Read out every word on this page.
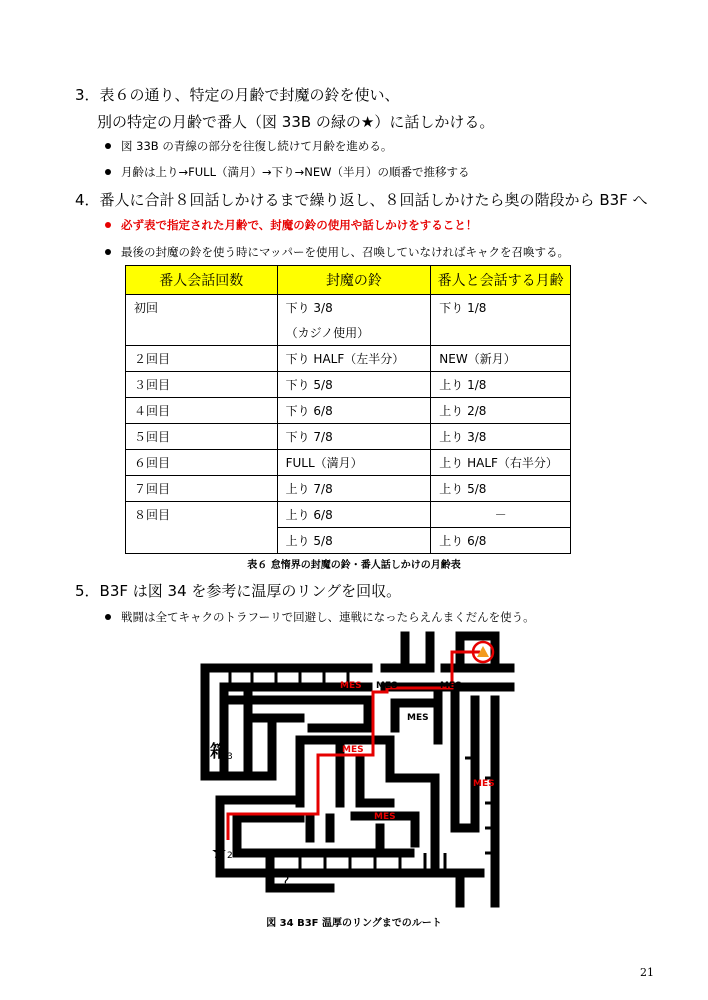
3．表６の通り、特定の月齢で封魔の鈴を使い、
別の特定の月齢で番人（図 33B の緑の★）に話しかける。
図 33B の青線の部分を往復し続けて月齢を進める。
月齢は上り→FULL（満月）→下り→NEW（半月）の順番で推移する
4．番人に合計８回話しかけるまで繰り返し、８回話しかけたら奥の階段から B3F へ
必ず表で指定された月齢で、封魔の鈴の使用や話しかけをすること！
最後の封魔の鈴を使う時にマッパーを使用し、召喚していなければキャクを召喚する。
番人会話回数	封魔の鈴	番人と会話する月齢
初回	下り 3/8	下り 1/8
	（カジノ使用）	
２回目	下り HALF（左半分）	NEW（新月）
３回目	下り 5/8	上り 1/8
４回目	下り 6/8	上り 2/8
５回目	下り 7/8	上り 3/8
６回目	FULL（満月）	上り HALF（右半分）
７回目	上り 7/8	上り 5/8
８回目	上り 6/8	－
	上り 5/8	上り 6/8
表６ 怠惰界の封魔の鈴・番人話しかけの月齢表
5．B3F は図 34 を参考に温厚のリングを回収。
戦闘は全てキャクのトラフーリで回避し、連戦になったらえんまくだんを使う。
MES MES	MES
MES
MES
MES
MES
箱 3
★ 2
?
図 34 B3F 温厚のリングまでのルート
21
